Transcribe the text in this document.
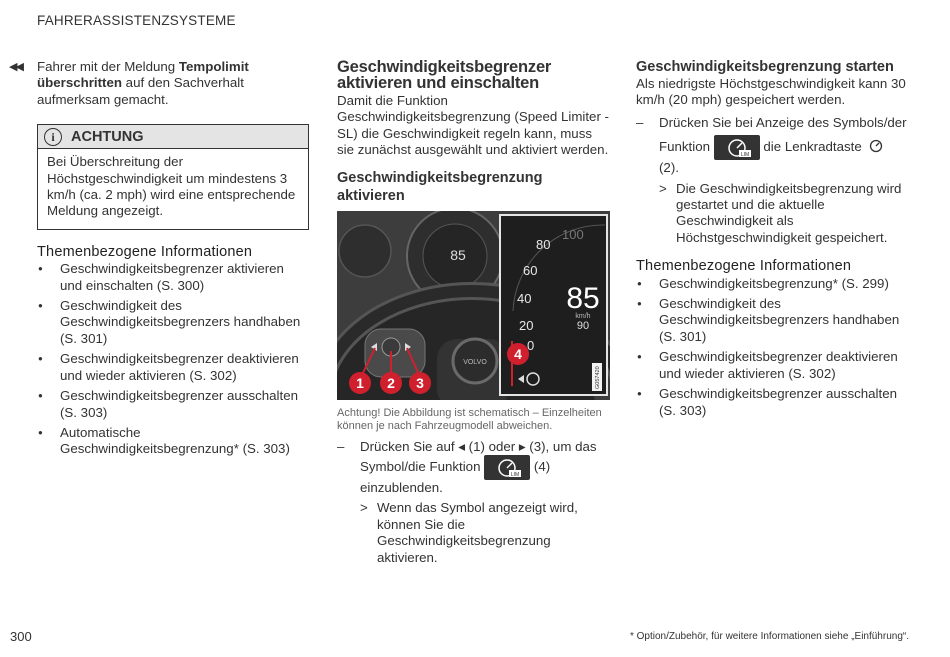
FAHRERASSISTENZSYSTEME
◀◀ Fahrer mit der Meldung Tempolimit überschritten auf den Sachverhalt aufmerksam gemacht.

i	ACHTUNG
Bei Überschreitung der Höchstgeschwindigkeit um mindestens 3 km/h (ca. 2 mph) wird eine entsprechende Meldung angezeigt.
Themenbezogene Informationen
● Geschwindigkeitsbegrenzer aktivieren und einschalten (S. 300)
● Geschwindigkeit des Geschwindigkeitsbegrenzers handhaben (S. 301)
● Geschwindigkeitsbegrenzer deaktivieren und wieder aktivieren (S. 302)
● Geschwindigkeitsbegrenzer ausschalten (S. 303)
● Automatische Geschwindigkeitsbegrenzung* (S. 303)
Geschwindigkeitsbegrenzer aktivieren und einschalten

Damit die Funktion Geschwindigkeitsbegrenzung (Speed Limiter - SL) die Geschwindigkeit regeln kann, muss sie zunächst ausgewählt und aktiviert werden.

Geschwindigkeitsbegrenzung aktivieren
85
VOLVO
1 2 3
100
80
60
40
20
0
85
km/h
90
4
G057420

Achtung! Die Abbildung ist schematisch – Einzelheiten können je nach Fahrzeugmodell abweichen.

– Drücken Sie auf ◂ (1) oder ▸ (3), um das Symbol/die Funktion
LIM
(4) einzublenden.
> Wenn das Symbol angezeigt wird, können Sie die Geschwindigkeitsbegrenzung aktivieren.
Geschwindigkeitsbegrenzung starten

Als niedrigste Höchstgeschwindigkeit kann 30 km/h (20 mph) gespeichert werden.

– Drücken Sie bei Anzeige des Symbols/der
Funktion
LIM
die Lenkradtaste  (2).
> Die Geschwindigkeitsbegrenzung wird gestartet und die aktuelle Geschwindigkeit als Höchstgeschwindigkeit gespeichert.
Themenbezogene Informationen
● Geschwindigkeitsbegrenzung* (S. 299)
● Geschwindigkeit des Geschwindigkeitsbegrenzers handhaben (S. 301)
● Geschwindigkeitsbegrenzer deaktivieren und wieder aktivieren (S. 302)
● Geschwindigkeitsbegrenzer ausschalten (S. 303)
300	* Option/Zubehör, für weitere Informationen siehe „Einführung“.
